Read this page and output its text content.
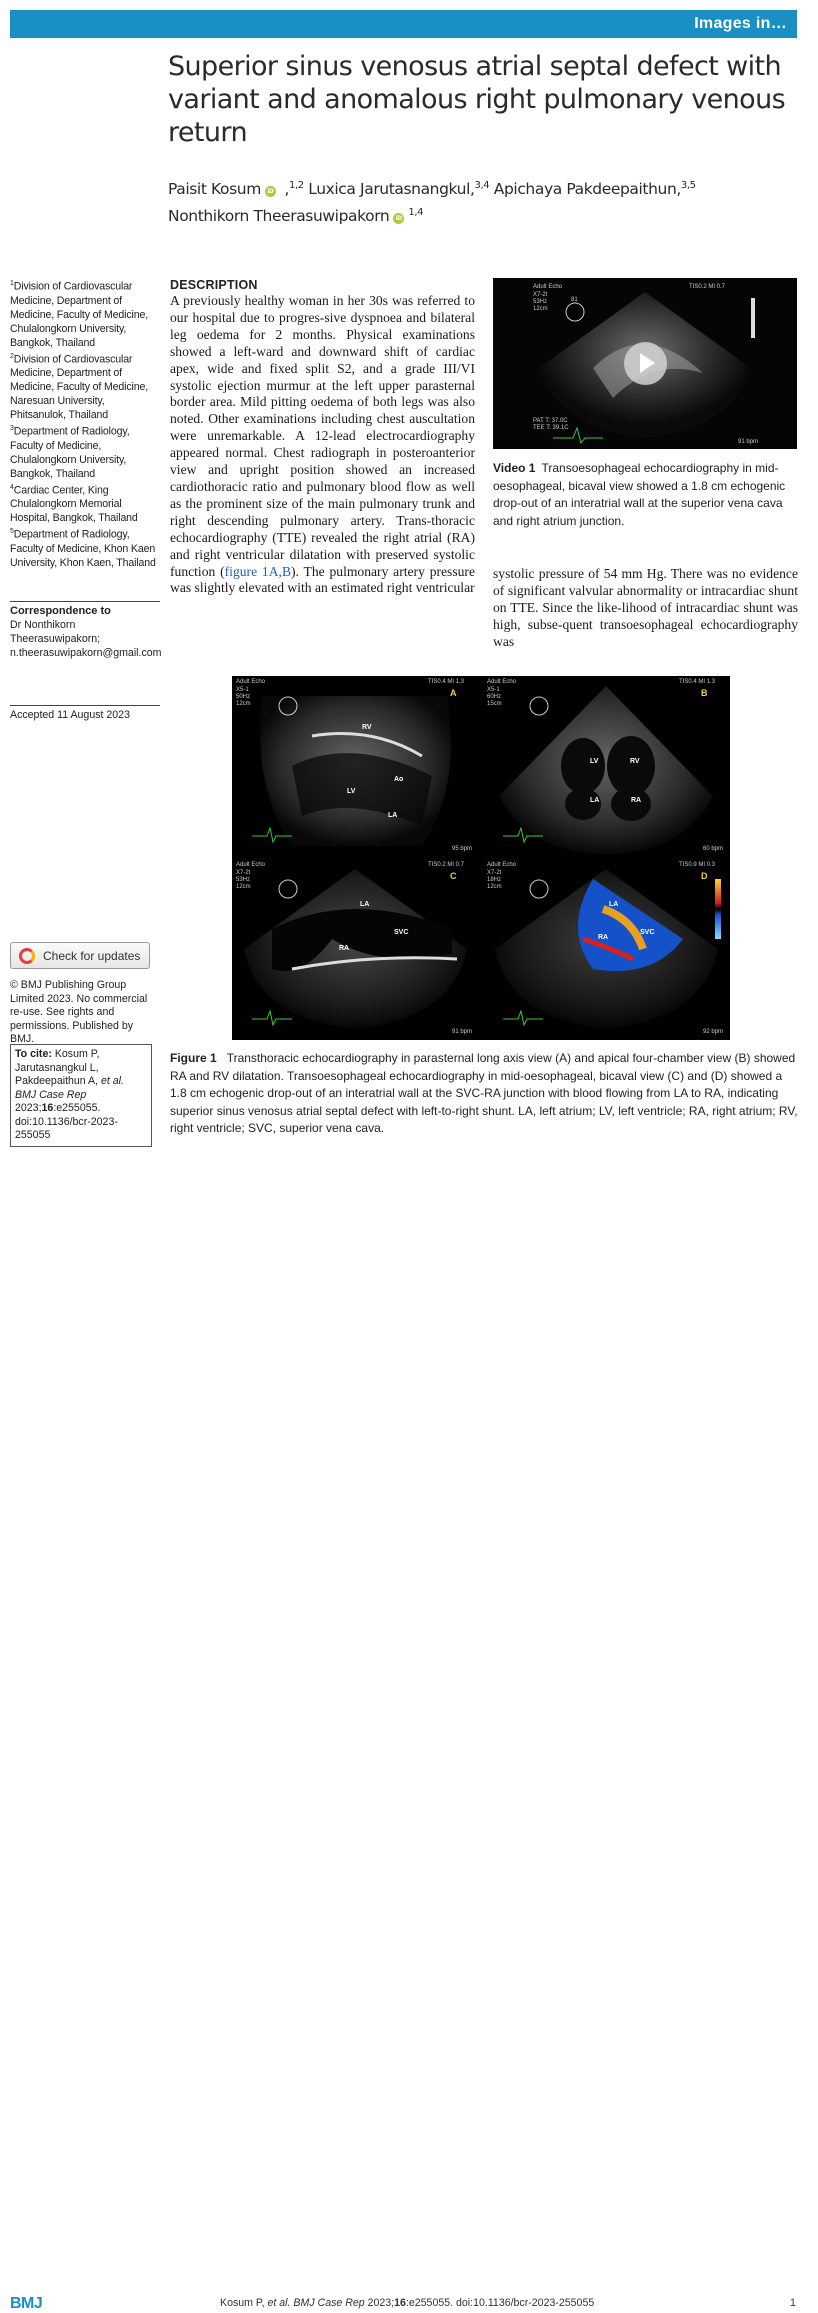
Images in…
Superior sinus venosus atrial septal defect with variant and anomalous right pulmonary venous return
Paisit Kosum iD ,$^{1,2}$ Luxica Jarutasnangkul,$^{3,4}$ Apichaya Pakdeepaithun,$^{3,5}$
Nonthikorn Theerasuwipakorn iD$^{1,4}$
$^1$Division of Cardiovascular Medicine, Department of Medicine, Faculty of Medicine, Chulalongkorn University, Bangkok, Thailand
$^2$Division of Cardiovascular Medicine, Department of Medicine, Faculty of Medicine, Naresuan University, Phitsanulok, Thailand
$^3$Department of Radiology, Faculty of Medicine, Chulalongkorn University, Bangkok, Thailand
$^4$Cardiac Center, King Chulalongkorn Memorial Hospital, Bangkok, Thailand
$^5$Department of Radiology, Faculty of Medicine, Khon Kaen University, Khon Kaen, Thailand
Correspondence to
Dr Nonthikorn
Theerasuwipakorn;
n.theerasuwipakorn@gmail.com
Accepted 11 August 2023
Check for updates
© BMJ Publishing Group Limited 2023. No commercial re-use. See rights and permissions. Published by BMJ.
To cite: Kosum P, Jarutasnangkul L, Pakdeepaithun A, et al. BMJ Case Rep 2023;16:e255055. doi:10.1136/bcr-2023-255055
DESCRIPTION
A previously healthy woman in her 30s was referred to our hospital due to progres-sive dyspnoea and bilateral leg oedema for 2 months. Physical examinations showed a left-ward and downward shift of cardiac apex, wide and fixed split S2, and a grade III/VI systolic ejection murmur at the left upper parasternal border area. Mild pitting oedema of both legs was also noted. Other examinations including chest auscultation were unremarkable. A 12-lead electrocardiography appeared normal. Chest radiograph in posteroanterior view and upright position showed an increased cardiothoracic ratio and pulmonary blood flow as well as the prominent size of the main pulmonary trunk and right descending pulmonary artery. Trans-thoracic echocardiography (TTE) revealed the right atrial (RA) and right ventricular dilatation with preserved systolic function (figure 1A,B). The pulmonary artery pressure was slightly elevated with an estimated right ventricular
Adult Echo
X7-2t
53Hz
12cm
TIS0.2 MI 0.7
81
91 bpm
PAT T: 37.0C
TEE T: 39.1C
Video 1 Transoesophageal echocardiography in mid-oesophageal, bicaval view showed a 1.8 cm echogenic drop-out of an interatrial wall at the superior vena cava and right atrium junction.
systolic pressure of 54 mm Hg. There was no evidence of significant valvular abnormality or intracardiac shunt on TTE. Since the like-lihood of intracardiac shunt was high, subse-quent transoesophageal echocardiography was
Adult Echo
X5-1
50Hz
12cm
TIS0.4 MI 1.3
A
95 bpm
RV
Ao
LV
LA
Adult Echo
X5-1
60Hz
15cm
TIS0.4 MI 1.3
B
60 bpm
LV	RV
LA	RA
Adult Echo
X7-2t
53Hz
12cm
TIS0.2 MI 0.7
C
91 bpm
LA
RA
SVC
Adult Echo
X7-2t
18Hz
12cm
TIS0.9 MI 0.3
D
92 bpm
LA
RA
SVC
Figure 1 Transthoracic echocardiography in parasternal long axis view (A) and apical four-chamber view (B) showed RA and RV dilatation. Transoesophageal echocardiography in mid-oesophageal, bicaval view (C) and (D) showed a 1.8 cm echogenic drop-out of an interatrial wall at the SVC-RA junction with blood flowing from LA to RA, indicating superior sinus venosus atrial septal defect with left-to-right shunt. LA, left atrium; LV, left ventricle; RA, right atrium; RV, right ventricle; SVC, superior vena cava.
BMJ	Kosum P, et al. BMJ Case Rep 2023;16:e255055. doi:10.1136/bcr-2023-255055	1
